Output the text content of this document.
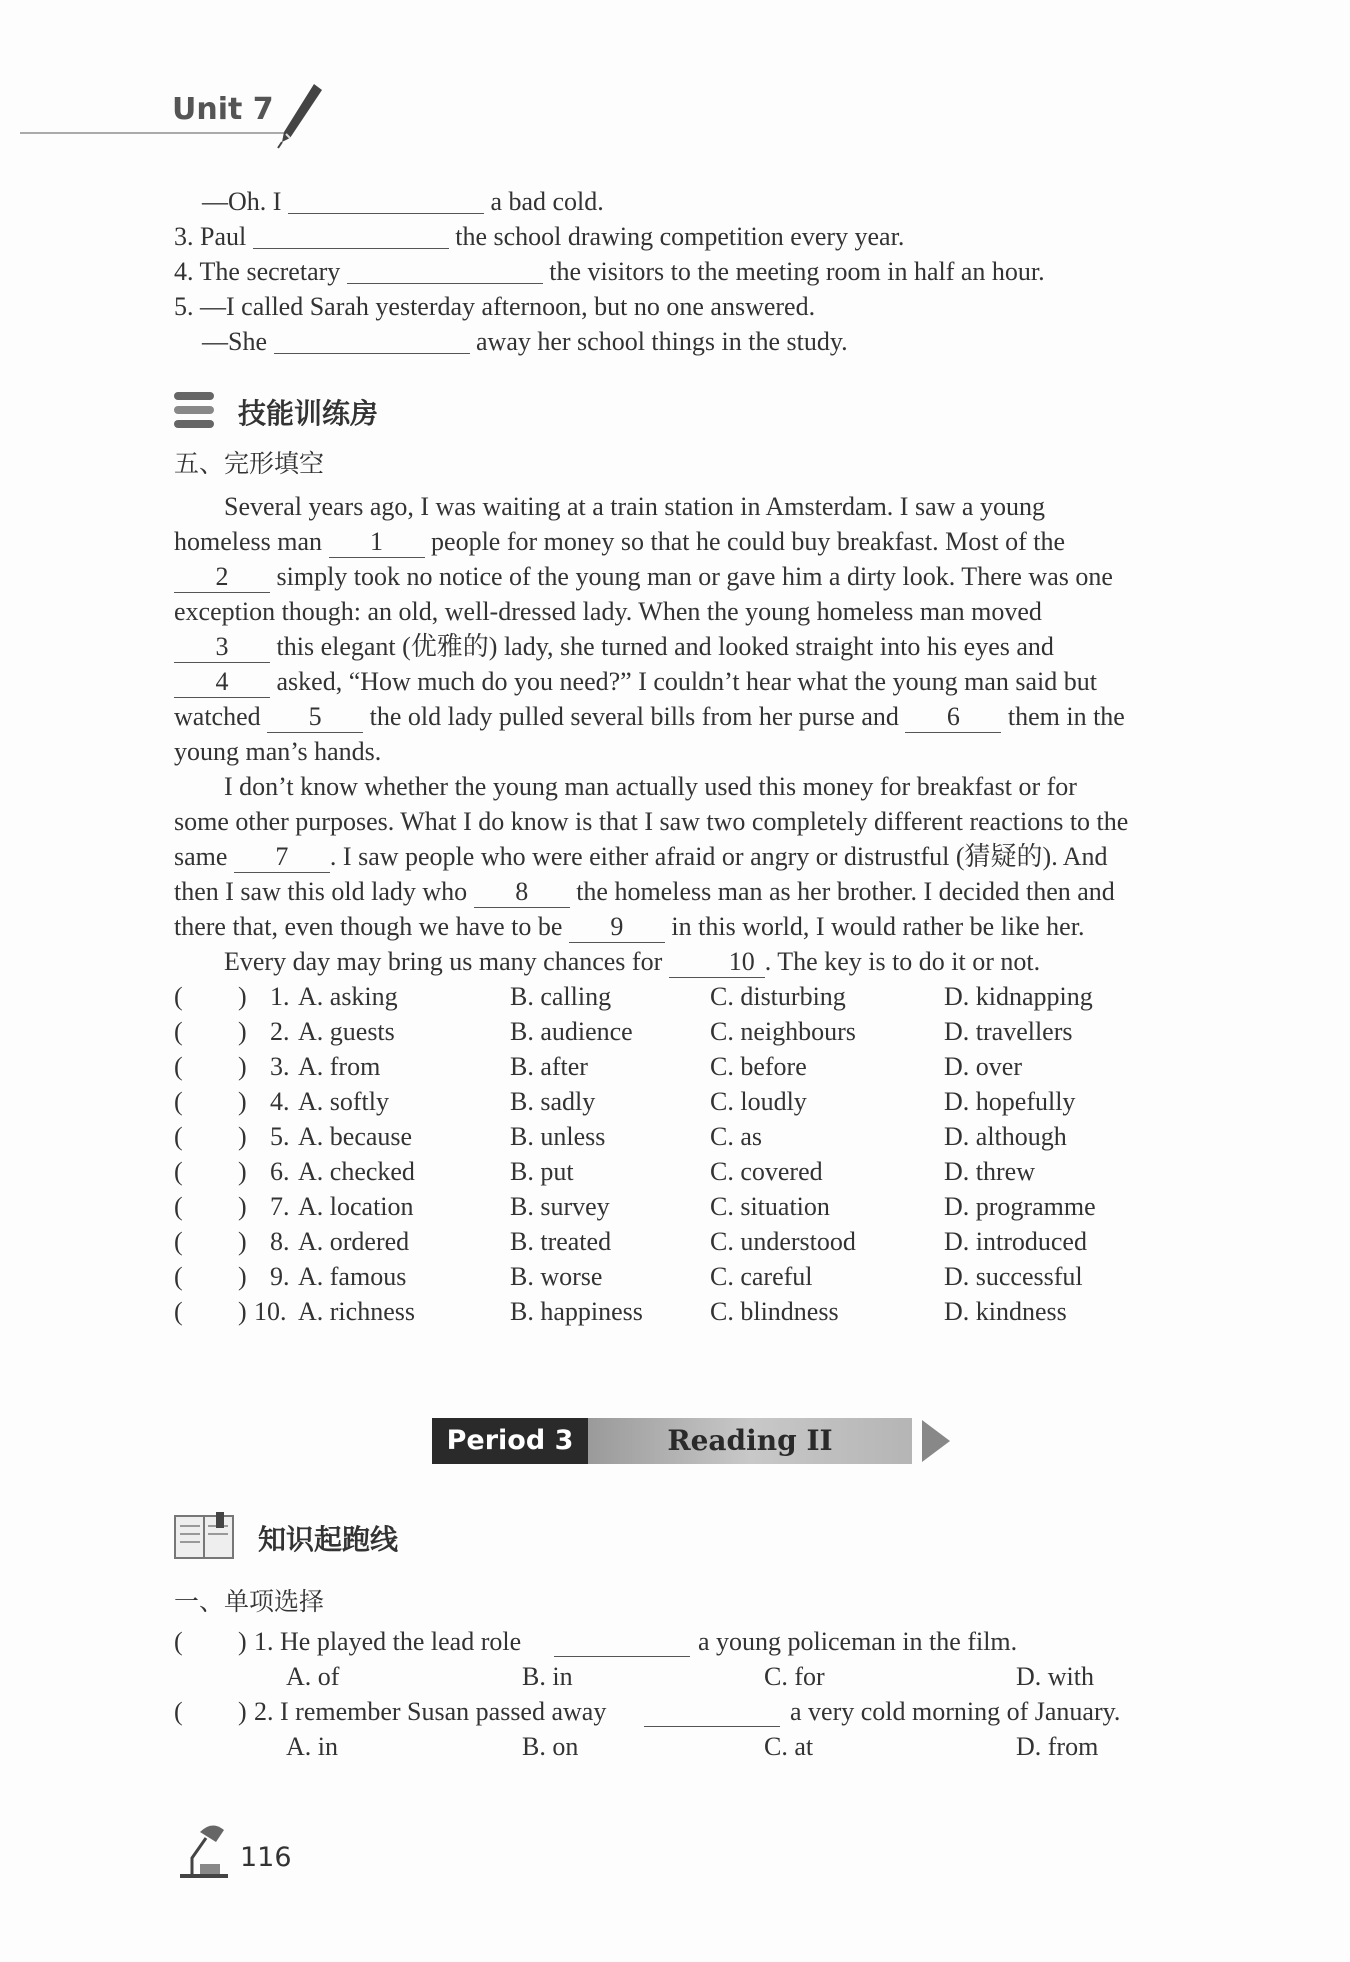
Unit 7
—Oh. I	a bad cold.
3. Paul	the school drawing competition every year.
4. The secretary	the visitors to the meeting room in half an hour.
5. —I called Sarah yesterday afternoon, but no one answered.
—She	away her school things in the study.
技能训练房
五、完形填空
Several years ago, I was waiting at a train station in Amsterdam. I saw a young
homeless man 1 people for money so that he could buy breakfast. Most of the
2 simply took no notice of the young man or gave him a dirty look. There was one
exception though: an old, well-dressed lady. When the young homeless man moved
3 this elegant (优雅的) lady, she turned and looked straight into his eyes and
4 asked, “How much do you need?” I couldn’t hear what the young man said but
watched 5 the old lady pulled several bills from her purse and 6 them in the
young man’s hands.
I don’t know whether the young man actually used this money for breakfast or for
some other purposes. What I do know is that I saw two completely different reactions to the
same 7 . I saw people who were either afraid or angry or distrustful (猜疑的). And
then I saw this old lady who 8 the homeless man as her brother. I decided then and
there that, even though we have to be 9 in this world, I would rather be like her.
Every day may bring us many chances for	10 . The key is to do it or not.
( ) 1. A. asking	B. calling	C. disturbing	D. kidnapping
( ) 2. A. guests	B. audience	C. neighbours	D. travellers
( ) 3. A. from	B. after	C. before	D. over
( ) 4. A. softly	B. sadly	C. loudly	D. hopefully
( ) 5. A. because	B. unless	C. as	D. although
( ) 6. A. checked	B. put	C. covered	D. threw
( ) 7. A. location	B. survey	C. situation	D. programme
( ) 8. A. ordered	B. treated	C. understood	D. introduced
( ) 9. A. famous	B. worse	C. careful	D. successful
( ) 10. A. richness	B. happiness	C. blindness	D. kindness
Period 3	Reading II
知识起跑线
一、单项选择
( ) 1. He played the lead role	a young policeman in the film.
A. of	B. in	C. for	D. with
( ) 2. I remember Susan passed away	a very cold morning of January.
A. in	B. on	C. at	D. from
116
